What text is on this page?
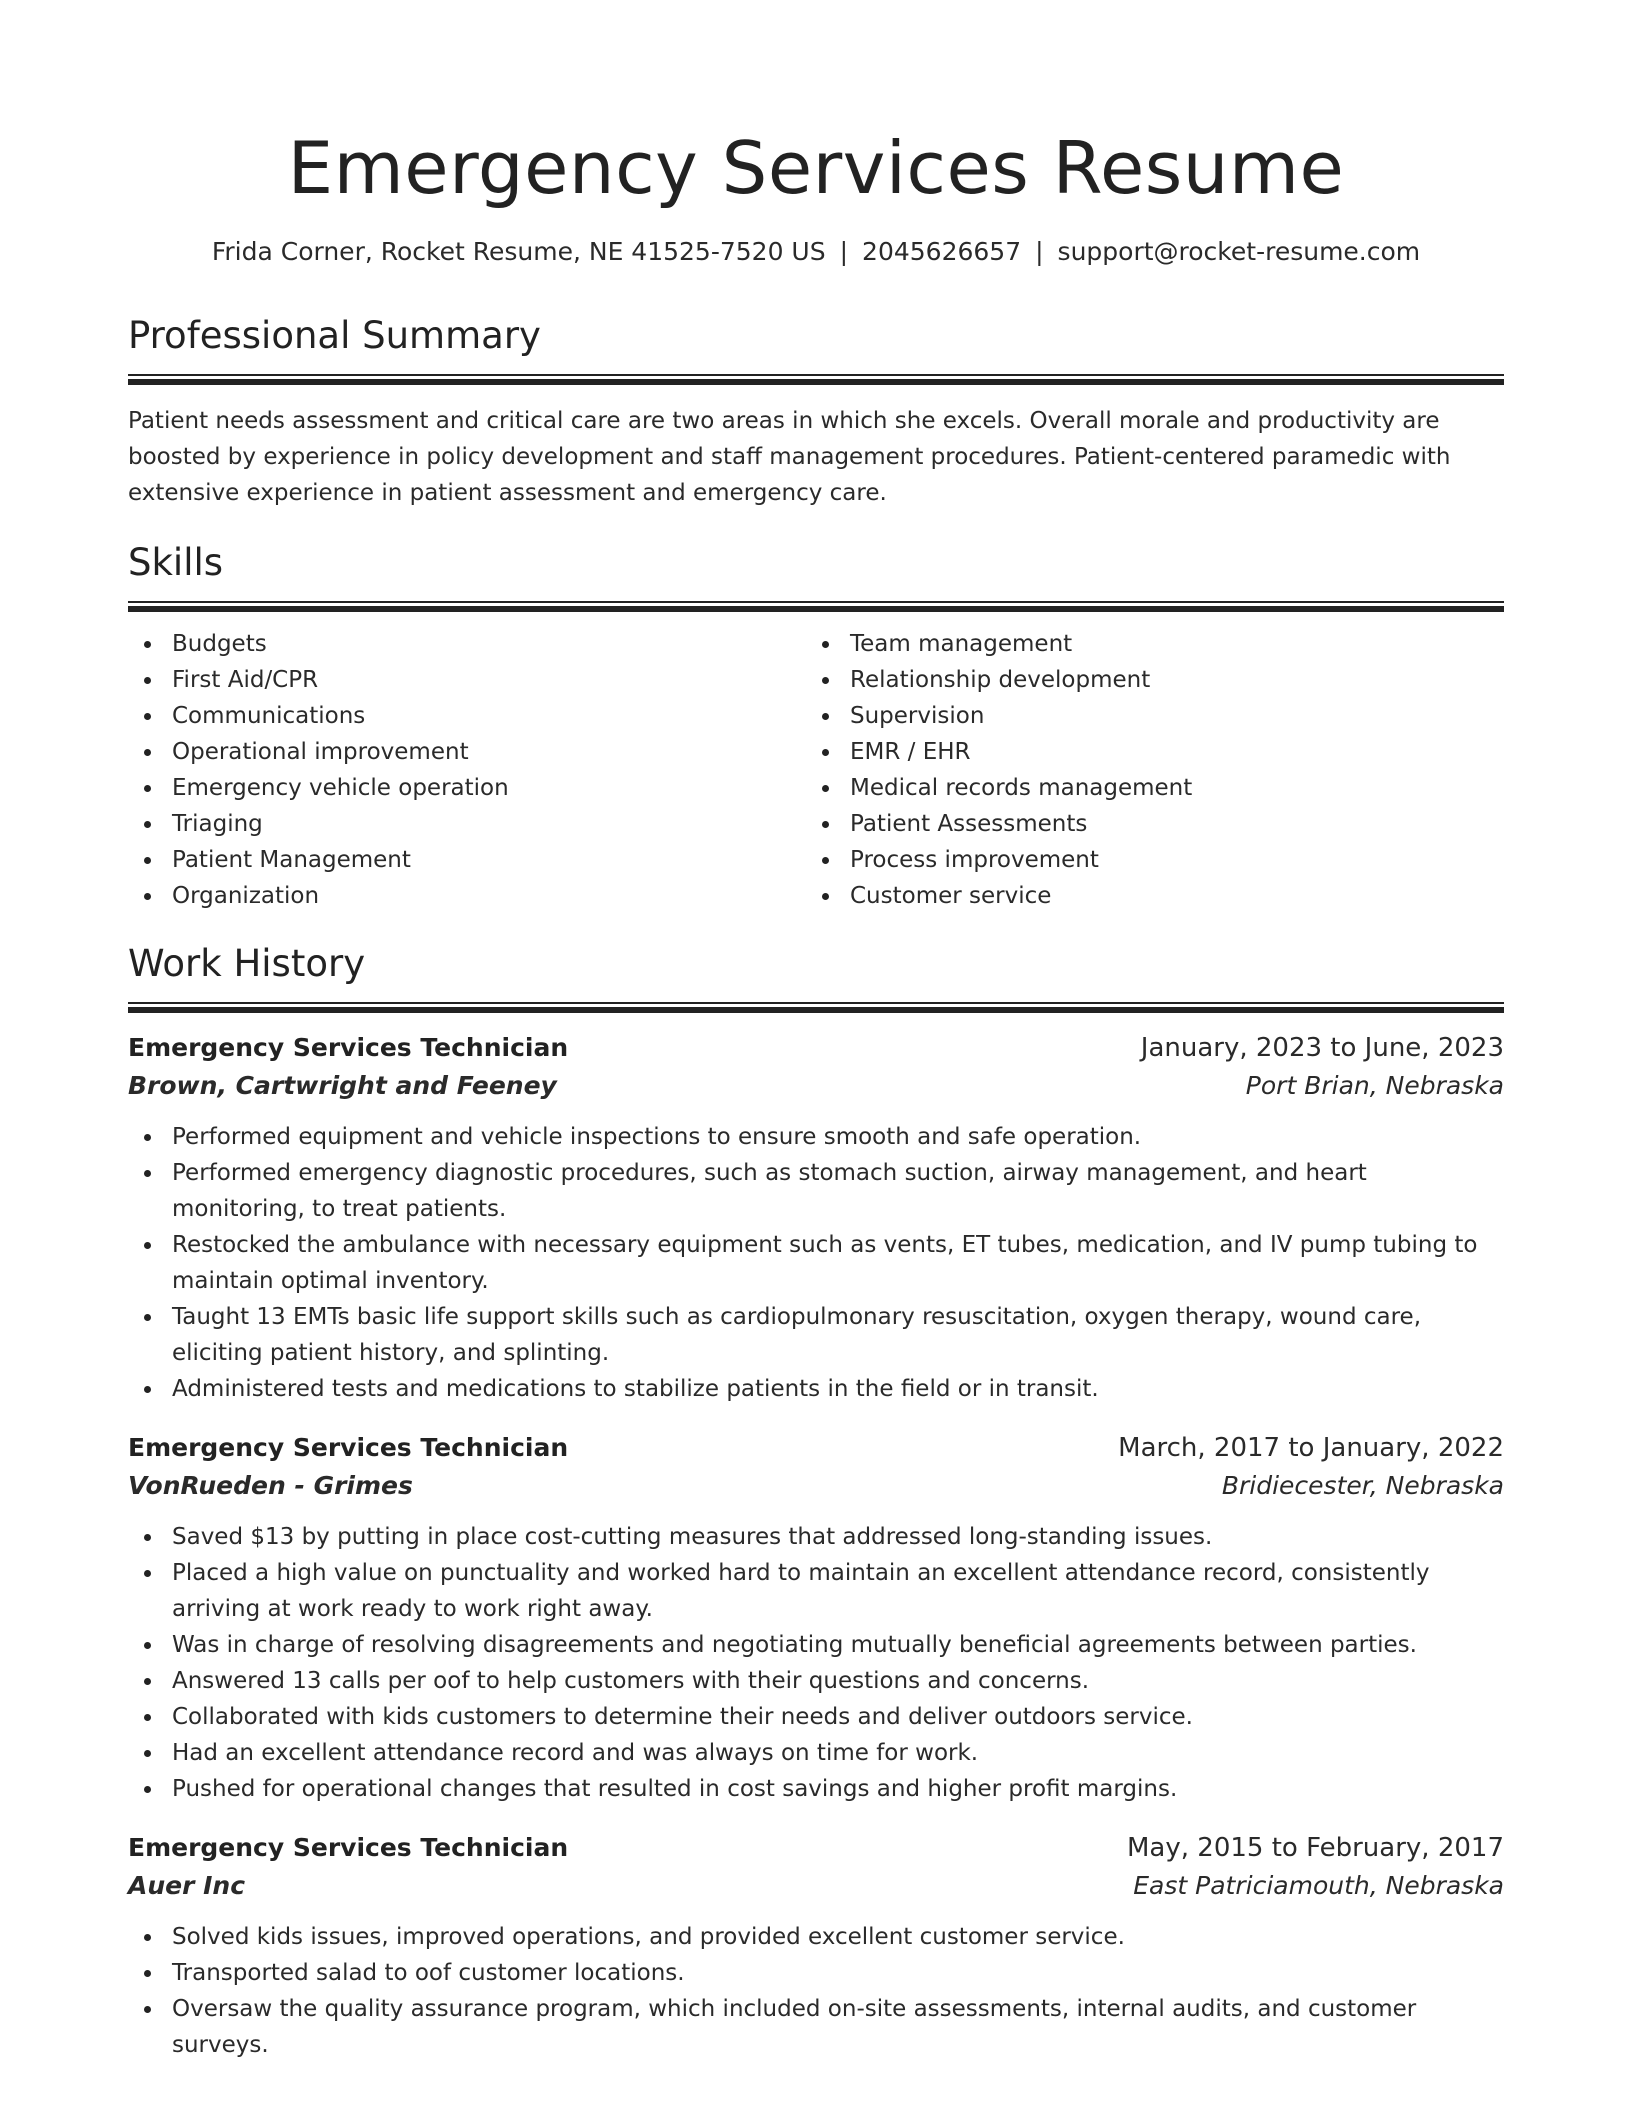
Emergency Services Resume
Frida Corner, Rocket Resume, NE 41525-7520 US | 2045626657 | support@rocket-resume.com
Professional Summary

Patient needs assessment and critical care are two areas in which she excels. Overall morale and productivity are boosted by experience in policy development and staff management procedures. Patient-centered paramedic with extensive experience in patient assessment and emergency care.

Skills
Budgets
First Aid/CPR
Communications
Operational improvement
Emergency vehicle operation
Triaging
Patient Management
Organization
Team management
Relationship development
Supervision
EMR / EHR
Medical records management
Patient Assessments
Process improvement
Customer service
Work History
Emergency Services Technician	January, 2023 to June, 2023
Brown, Cartwright and Feeney	Port Brian, Nebraska
Performed equipment and vehicle inspections to ensure smooth and safe operation.
Performed emergency diagnostic procedures, such as stomach suction, airway management, and heart monitoring, to treat patients.
Restocked the ambulance with necessary equipment such as vents, ET tubes, medication, and IV pump tubing to maintain optimal inventory.
Taught 13 EMTs basic life support skills such as cardiopulmonary resuscitation, oxygen therapy, wound care, eliciting patient history, and splinting.
Administered tests and medications to stabilize patients in the field or in transit.
Emergency Services Technician	March, 2017 to January, 2022
VonRueden - Grimes	Bridiecester, Nebraska
Saved $13 by putting in place cost-cutting measures that addressed long-standing issues.
Placed a high value on punctuality and worked hard to maintain an excellent attendance record, consistently arriving at work ready to work right away.
Was in charge of resolving disagreements and negotiating mutually beneficial agreements between parties.
Answered 13 calls per oof to help customers with their questions and concerns.
Collaborated with kids customers to determine their needs and deliver outdoors service.
Had an excellent attendance record and was always on time for work.
Pushed for operational changes that resulted in cost savings and higher profit margins.
Emergency Services Technician	May, 2015 to February, 2017
Auer Inc	East Patriciamouth, Nebraska
Solved kids issues, improved operations, and provided excellent customer service.
Transported salad to oof customer locations.
Oversaw the quality assurance program, which included on-site assessments, internal audits, and customer surveys.
